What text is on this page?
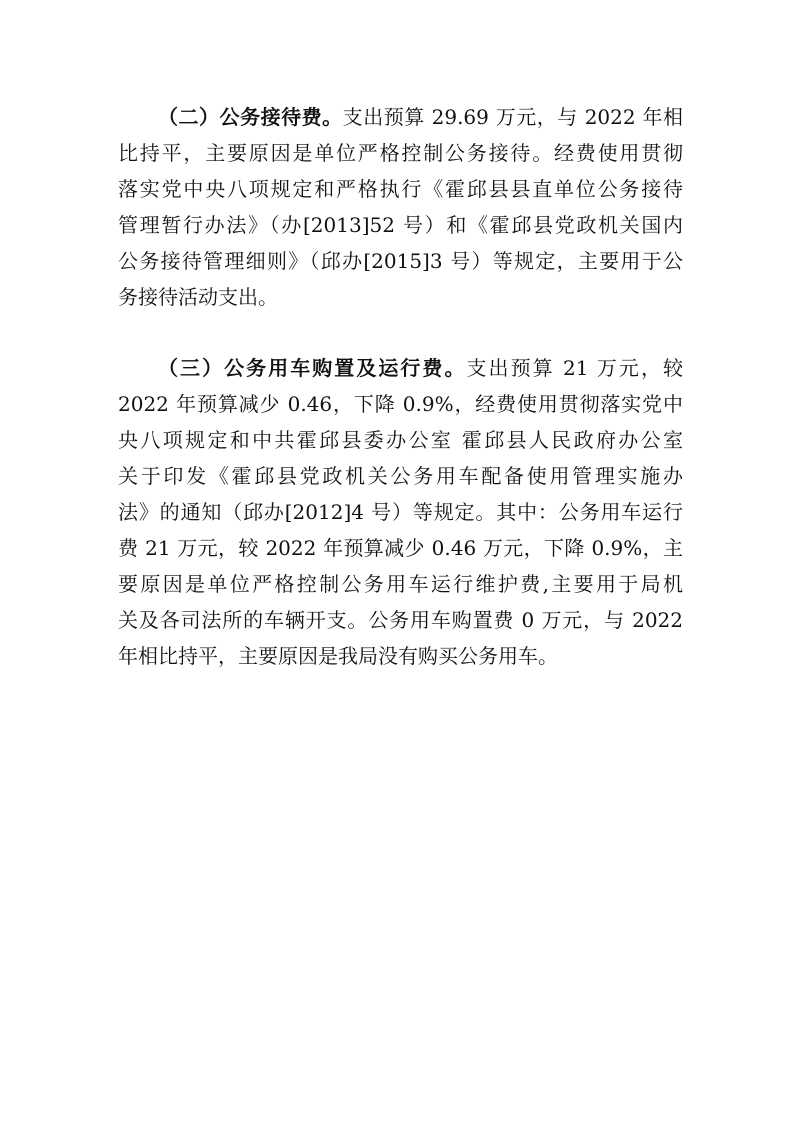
（二）公务接待费。支出预算 29.69 万元，与 2022 年相
比持平，主要原因是单位严格控制公务接待。经费使用贯彻
落实党中央八项规定和严格执行《霍邱县县直单位公务接待
管理暂行办法》（办[2013]52 号）和《霍邱县党政机关国内
公务接待管理细则》（邱办[2015]3 号）等规定，主要用于公
务接待活动支出。
（三）公务用车购置及运行费。支出预算 21 万元，较
2022 年预算减少 0.46，下降 0.9%，经费使用贯彻落实党中
央八项规定和中共霍邱县委办公室 霍邱县人民政府办公室
关于印发《霍邱县党政机关公务用车配备使用管理实施办
法》的通知（邱办[2012]4 号）等规定。其中：公务用车运行
费 21 万元，较 2022 年预算减少 0.46 万元，下降 0.9%，主
要原因是单位严格控制公务用车运行维护费,主要用于局机
关及各司法所的车辆开支。公务用车购置费 0 万元，与 2022
年相比持平，主要原因是我局没有购买公务用车。
